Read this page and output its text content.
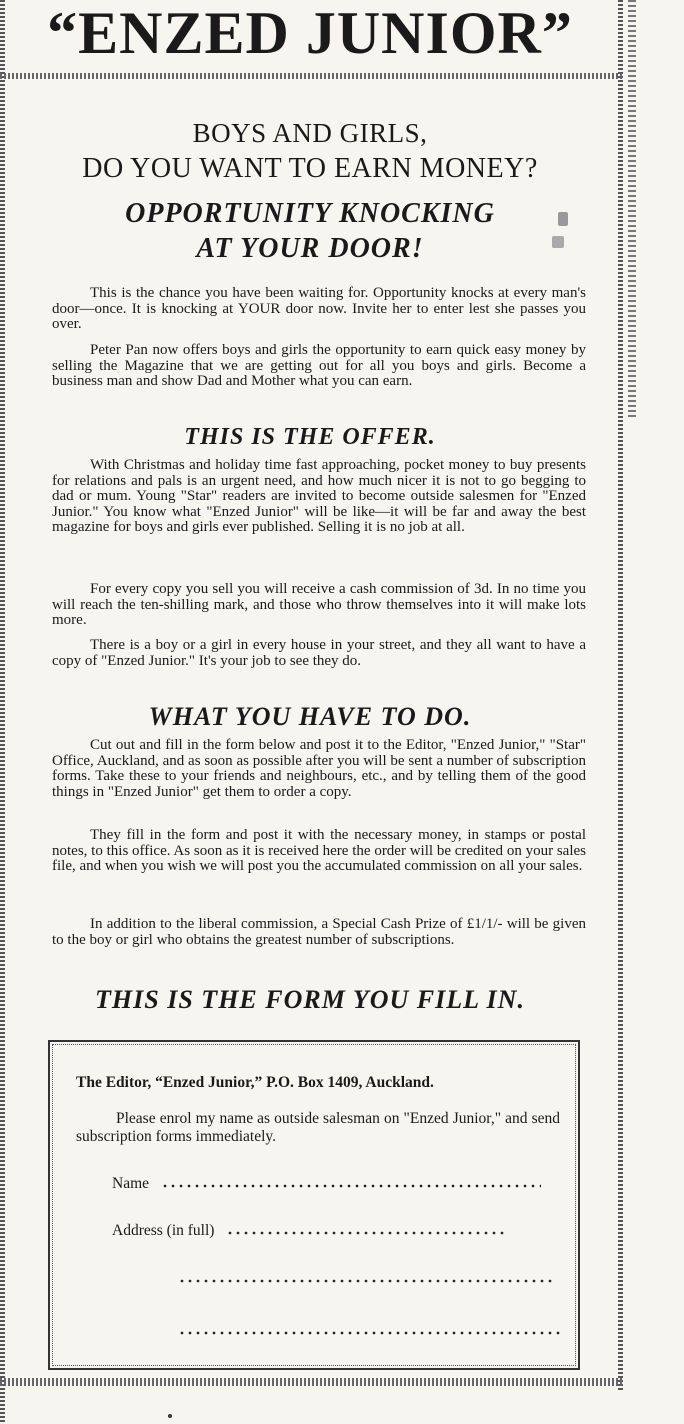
“ENZED JUNIOR”
BOYS AND GIRLS,
DO YOU WANT TO EARN MONEY?
OPPORTUNITY KNOCKING
AT YOUR DOOR!

This is the chance you have been waiting for. Opportunity knocks at every man's door—once. It is knocking at YOUR door now. Invite her to enter lest she passes you over.

Peter Pan now offers boys and girls the opportunity to earn quick easy money by selling the Magazine that we are getting out for all you boys and girls. Become a business man and show Dad and Mother what you can earn.

THIS IS THE OFFER.

With Christmas and holiday time fast approaching, pocket money to buy presents for relations and pals is an urgent need, and how much nicer it is not to go begging to dad or mum. Young "Star" readers are invited to become outside salesmen for "Enzed Junior." You know what "Enzed Junior" will be like—it will be far and away the best magazine for boys and girls ever published. Selling it is no job at all.

For every copy you sell you will receive a cash commission of 3d. In no time you will reach the ten-shilling mark, and those who throw themselves into it will make lots more.

There is a boy or a girl in every house in your street, and they all want to have a copy of "Enzed Junior." It's your job to see they do.

WHAT YOU HAVE TO DO.

Cut out and fill in the form below and post it to the Editor, "Enzed Junior," "Star" Office, Auckland, and as soon as possible after you will be sent a number of subscription forms. Take these to your friends and neighbours, etc., and by telling them of the good things in "Enzed Junior" get them to order a copy.

They fill in the form and post it with the necessary money, in stamps or postal notes, to this office. As soon as it is received here the order will be credited on your sales file, and when you wish we will post you the accumulated commission on all your sales.

In addition to the liberal commission, a Special Cash Prize of £1/1/- will be given to the boy or girl who obtains the greatest number of subscriptions.

THIS IS THE FORM YOU FILL IN.
The Editor, “Enzed Junior,” P.O. Box 1409, Auckland.
Please enrol my name as outside salesman on "Enzed Junior," and send subscription forms immediately.
Name
Address (in full)
